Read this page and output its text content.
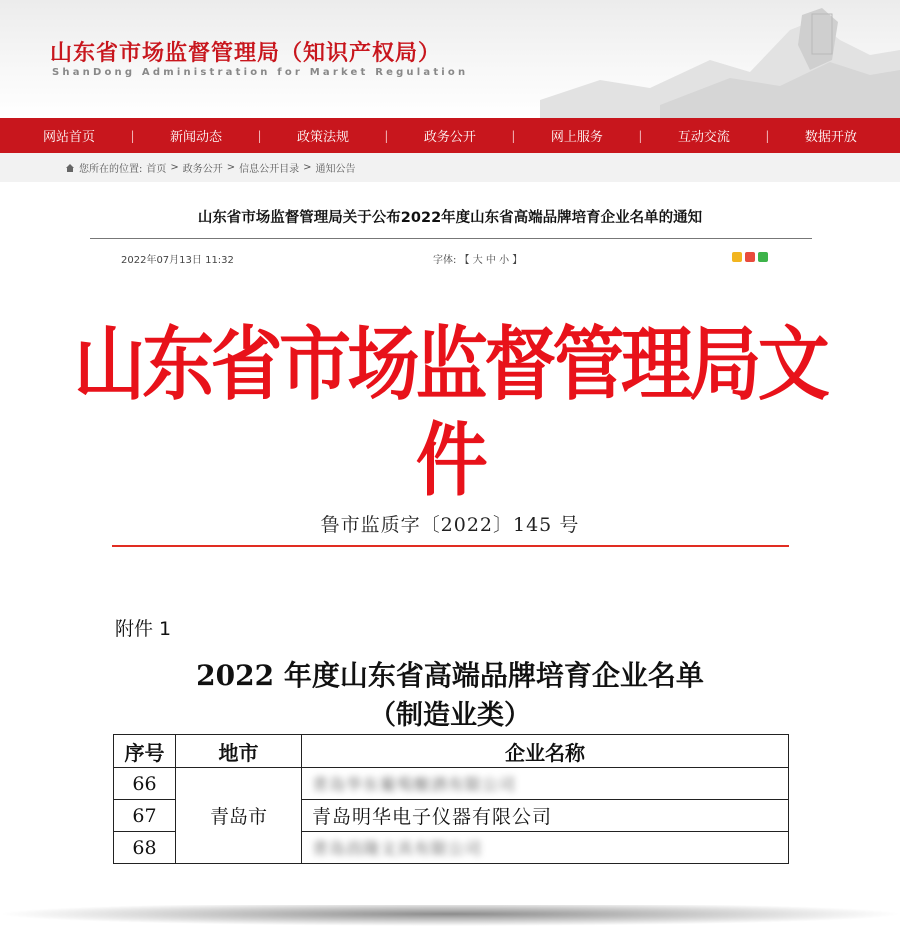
山东省市场监督管理局（知识产权局）
ShanDong Administration for Market Regulation
网站首页	|	新闻动态	|	政策法规	|	政务公开	|	网上服务	|	互动交流	|	数据开放
您所在的位置: 首页 > 政务公开 > 信息公开目录 > 通知公告
山东省市场监督管理局关于公布2022年度山东省高端品牌培育企业名单的通知
2022年07月13日 11:32	字体: 【 大 中 小 】
山东省市场监督管理局文件
鲁市监质字〔2022〕145 号
附件 1
2022 年度山东省高端品牌培育企业名单
（制造业类）
序号	地市	企业名称
66	青岛市	青岛华东葡萄酿酒有限公司
67		青岛明华电子仪器有限公司
68		青岛昌隆文具有限公司
